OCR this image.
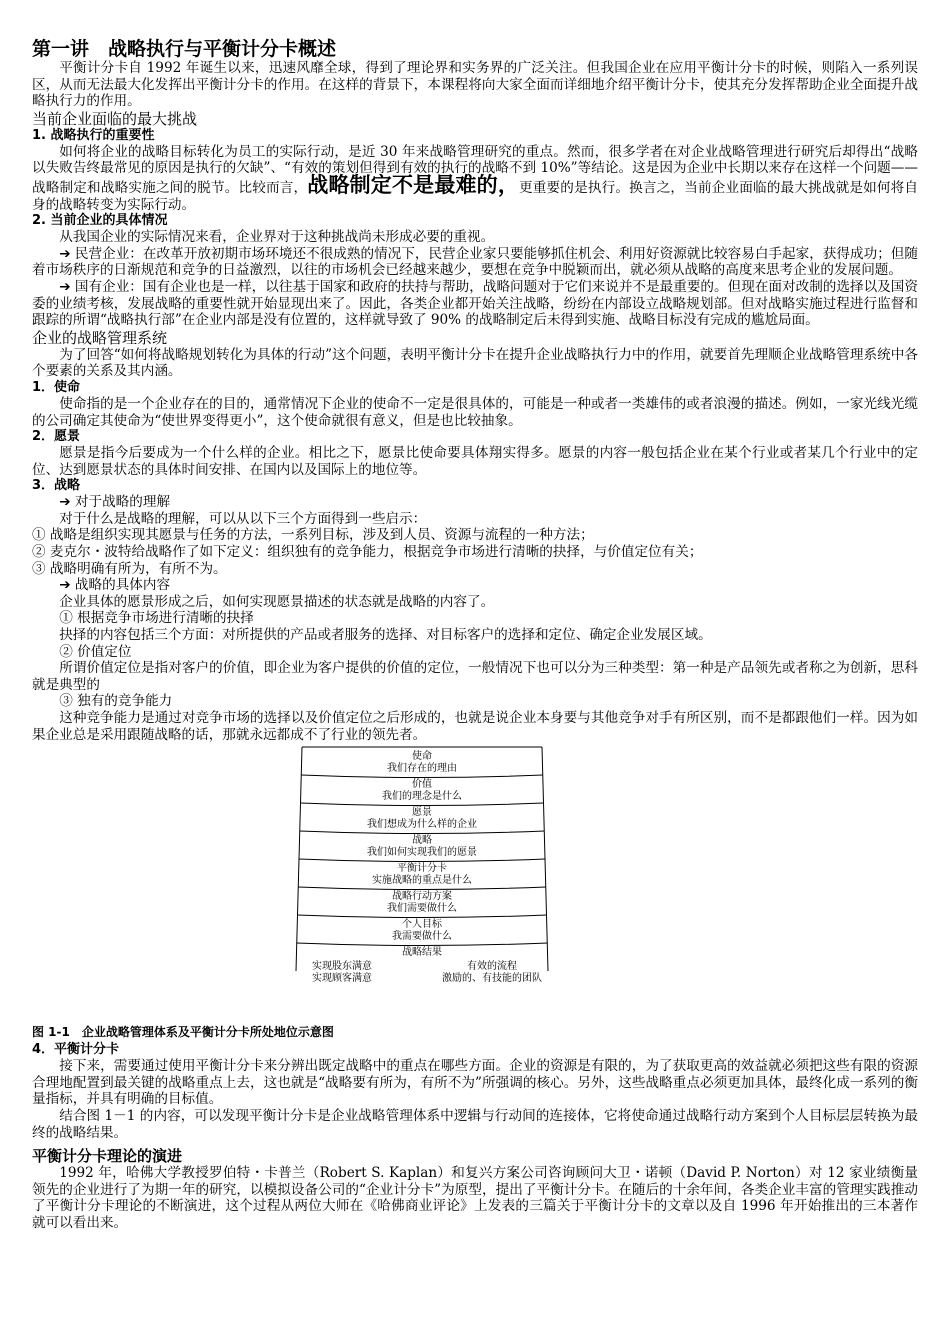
第一讲　战略执行与平衡计分卡概述

平衡计分卡自 1992 年诞生以来，迅速风靡全球，得到了理论界和实务界的广泛关注。但我国企业在应用平衡计分卡的时候，则陷入一系列误区，从而无法最大化发挥出平衡计分卡的作用。在这样的背景下，本课程将向大家全面而详细地介绍平衡计分卡，使其充分发挥帮助企业全面提升战略执行力的作用。

当前企业面临的最大挑战

1. 战略执行的重要性

如何将企业的战略目标转化为员工的实际行动，是近 30 年来战略管理研究的重点。然而，很多学者在对企业战略管理进行研究后却得出“战略以失败告终最常见的原因是执行的欠缺”、“有效的策划但得到有效的执行的战略不到 10%”等结论。这是因为企业中长期以来存在这样一个问题——战略制定和战略实施之间的脱节。比较而言，战略制定不是最难的，更重要的是执行。换言之，当前企业面临的最大挑战就是如何将自身的战略转变为实际行动。

2. 当前企业的具体情况

从我国企业的实际情况来看，企业界对于这种挑战尚未形成必要的重视。

➔ 民营企业：在改革开放初期市场环境还不很成熟的情况下，民营企业家只要能够抓住机会、利用好资源就比较容易白手起家，获得成功；但随着市场秩序的日渐规范和竞争的日益激烈，以往的市场机会已经越来越少，要想在竞争中脱颖而出，就必须从战略的高度来思考企业的发展问题。

➔ 国有企业：国有企业也是一样，以往基于国家和政府的扶持与帮助，战略问题对于它们来说并不是最重要的。但现在面对改制的选择以及国资委的业绩考核，发展战略的重要性就开始显现出来了。因此，各类企业都开始关注战略，纷纷在内部设立战略规划部。但对战略实施过程进行监督和跟踪的所谓“战略执行部”在企业内部是没有位置的，这样就导致了 90% 的战略制定后未得到实施、战略目标没有完成的尴尬局面。

企业的战略管理系统

为了回答“如何将战略规划转化为具体的行动”这个问题，表明平衡计分卡在提升企业战略执行力中的作用，就要首先理顺企业战略管理系统中各个要素的关系及其内涵。

1．使命

使命指的是一个企业存在的目的，通常情况下企业的使命不一定是很具体的，可能是一种或者一类雄伟的或者浪漫的描述。例如，一家光线光缆的公司确定其使命为“使世界变得更小”，这个使命就很有意义，但是也比较抽象。

2．愿景

愿景是指今后要成为一个什么样的企业。相比之下，愿景比使命要具体翔实得多。愿景的内容一般包括企业在某个行业或者某几个行业中的定位、达到愿景状态的具体时间安排、在国内以及国际上的地位等。

3．战略

➔ 对于战略的理解

对于什么是战略的理解，可以从以下三个方面得到一些启示：

① 战略是组织实现其愿景与任务的方法，一系列目标，涉及到人员、资源与流程的一种方法；

② 麦克尔・波特给战略作了如下定义：组织独有的竞争能力，根据竞争市场进行清晰的抉择，与价值定位有关；

③ 战略明确有所为，有所不为。

➔ 战略的具体内容

企业具体的愿景形成之后，如何实现愿景描述的状态就是战略的内容了。

① 根据竞争市场进行清晰的抉择

抉择的内容包括三个方面：对所提供的产品或者服务的选择、对目标客户的选择和定位、确定企业发展区域。

② 价值定位

所谓价值定位是指对客户的价值，即企业为客户提供的价值的定位，一般情况下也可以分为三种类型：第一种是产品领先或者称之为创新，思科就是典型的

③ 独有的竞争能力

这种竞争能力是通过对竞争市场的选择以及价值定位之后形成的，也就是说企业本身要与其他竞争对手有所区别，而不是都跟他们一样。因为如果企业总是采用跟随战略的话，那就永远都成不了行业的领先者。

使命
我们存在的理由
价值
我们的理念是什么
愿景
我们想成为什么样的企业
战略
我们如何实现我们的愿景
平衡计分卡
实施战略的重点是什么
战略行动方案
我们需要做什么
个人目标
我需要做什么
战略结果
实现股东满意
实现顾客满意
有效的流程
激励的、有技能的团队

图 1-1　企业战略管理体系及平衡计分卡所处地位示意图

4．平衡计分卡

接下来，需要通过使用平衡计分卡来分辨出既定战略中的重点在哪些方面。企业的资源是有限的，为了获取更高的效益就必须把这些有限的资源合理地配置到最关键的战略重点上去，这也就是“战略要有所为，有所不为”所强调的核心。另外，这些战略重点必须更加具体，最终化成一系列的衡量指标，并具有明确的目标值。

结合图 1－1 的内容，可以发现平衡计分卡是企业战略管理体系中逻辑与行动间的连接体，它将使命通过战略行动方案到个人目标层层转换为最终的战略结果。

平衡计分卡理论的演进

1992 年，哈佛大学教授罗伯特・卡普兰（Robert S. Kaplan）和复兴方案公司咨询顾问大卫・诺顿（David P. Norton）对 12 家业绩衡量领先的企业进行了为期一年的研究，以模拟设备公司的“企业计分卡”为原型，提出了平衡计分卡。在随后的十余年间，各类企业丰富的管理实践推动了平衡计分卡理论的不断演进，这个过程从两位大师在《哈佛商业评论》上发表的三篇关于平衡计分卡的文章以及自 1996 年开始推出的三本著作就可以看出来。
